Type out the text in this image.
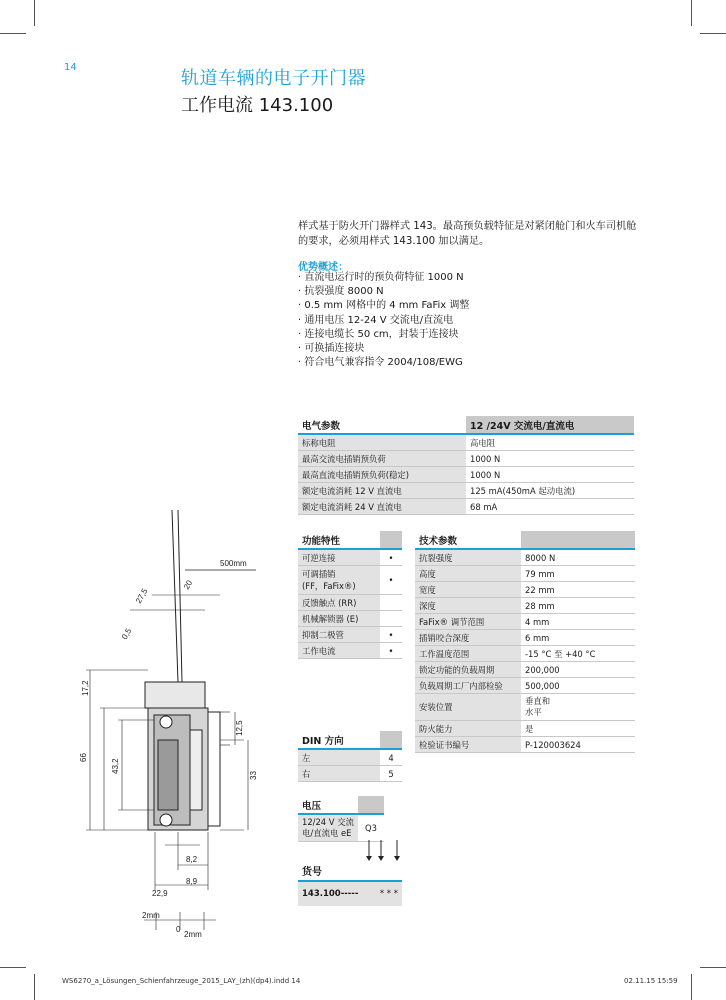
14
轨道车辆的电子开门器
工作电流 143.100
样式基于防火开门器样式 143。最高预负载特征是对紧闭舱门和火车司机舱的要求，必须用样式 143.100 加以满足。
优势概述：
· 直流电运行时的预负荷特征 1000 N
· 抗裂强度 8000 N
· 0.5 mm 网格中的 4 mm FaFix 调整
· 通用电压 12-24 V 交流电/直流电
· 连接电缆长 50 cm，封装于连接块
· 可换插连接块
· 符合电气兼容指令 2004/108/EWG
电气参数	12 /24V 交流电/直流电
标称电阻	高电阻
最高交流电插销预负荷	1000 N
最高直流电插销预负荷(稳定)	1000 N
额定电流消耗 12 V 直流电	125 mA(450mA 起动电流)
额定电流消耗 24 V 直流电	68 mA
功能特性	
可逆连接	•
可调插销
(FF，FaFix®)	•
反馈触点 (RR)	
机械解锁器 (E)	
抑制二极管	•
工作电流	•
技术参数	
抗裂强度	8000 N
高度	79 mm
宽度	22 mm
深度	28 mm
FaFix® 调节范围	4 mm
插销咬合深度	6 mm
工作温度范围	-15 °C 至 +40 °C
锁定功能的负载周期	200,000
负载周期工厂内部检验	500,000
安装位置	垂直和
水平
防火能力	是
检验证书编号	P-120003624
DIN 方向	
左	4
右	5
电压	
12/24 V 交流
电/直流电 eE	Q3
货号
143.100-----	* * *
500mm
27,5
20
0,5
17,2
12,5
66
43,2
33
8,2
8,9
22,9
2mm
0
2mm
WS6270_a_Lösungen_Schienfahrzeuge_2015_LAY_(zh)(dp4).indd 14	02.11.15 15:59
